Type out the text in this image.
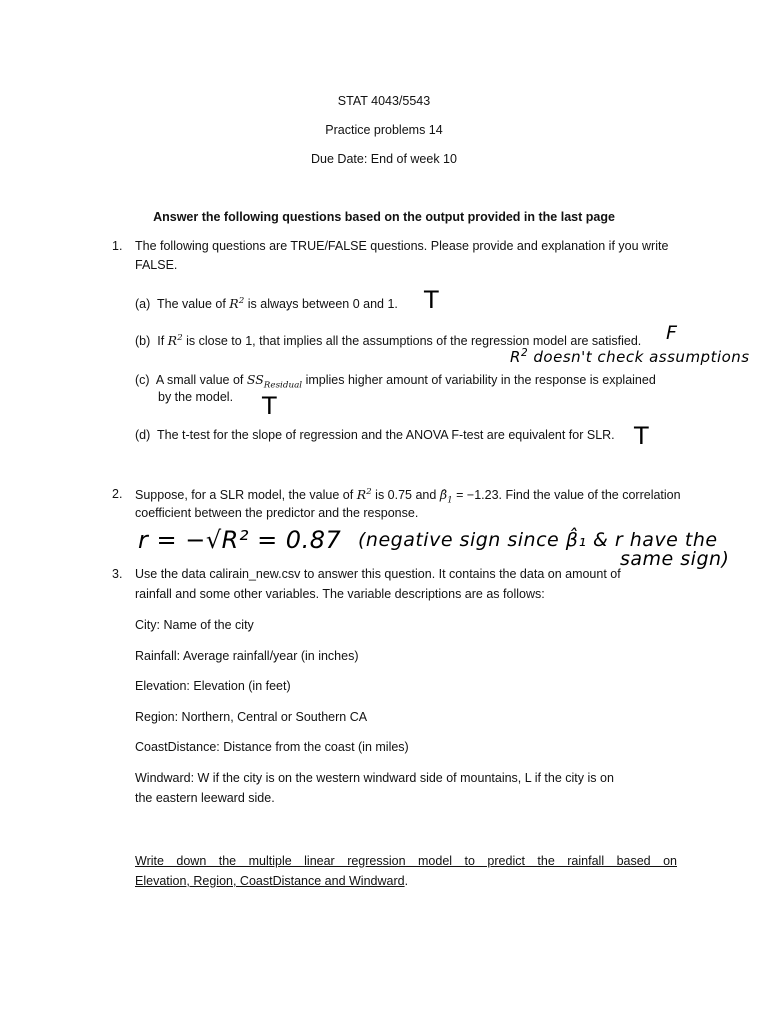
STAT 4043/5543
Practice problems 14
Due Date: End of week 10
Answer the following questions based on the output provided in the last page
1. The following questions are TRUE/FALSE questions. Please provide and explanation if you write
FALSE.
(a) The value of $R^2$ is always between 0 and 1. T
(b) If $R^2$ is close to 1, that implies all the assumptions of the regression model are satisfied. F
$R^2$ doesn't check assumptions
(c) A small value of $SS_{Residual}$ implies higher amount of variability in the response is explained
by the model. T
(d) The t-test for the slope of regression and the ANOVA F-test are equivalent for SLR. T
2. Suppose, for a SLR model, the value of $R^2$ is 0.75 and $\betâ_1 = -1.23$. Find the value of the correlation
coefficient between the predictor and the response.
r = −√R² = 0.87 (negative sign since β̂₁ & r have the
same sign)
3. Use the data calirain_new.csv to answer this question. It contains the data on amount of
rainfall and some other variables. The variable descriptions are as follows:
City: Name of the city
Rainfall: Average rainfall/year (in inches)
Elevation: Elevation (in feet)
Region: Northern, Central or Southern CA
CoastDistance: Distance from the coast (in miles)
Windward: W if the city is on the western windward side of mountains, L if the city is on
the eastern leeward side.
Write down the multiple linear regression model to predict the rainfall based on
Elevation, Region, CoastDistance and Windward.
